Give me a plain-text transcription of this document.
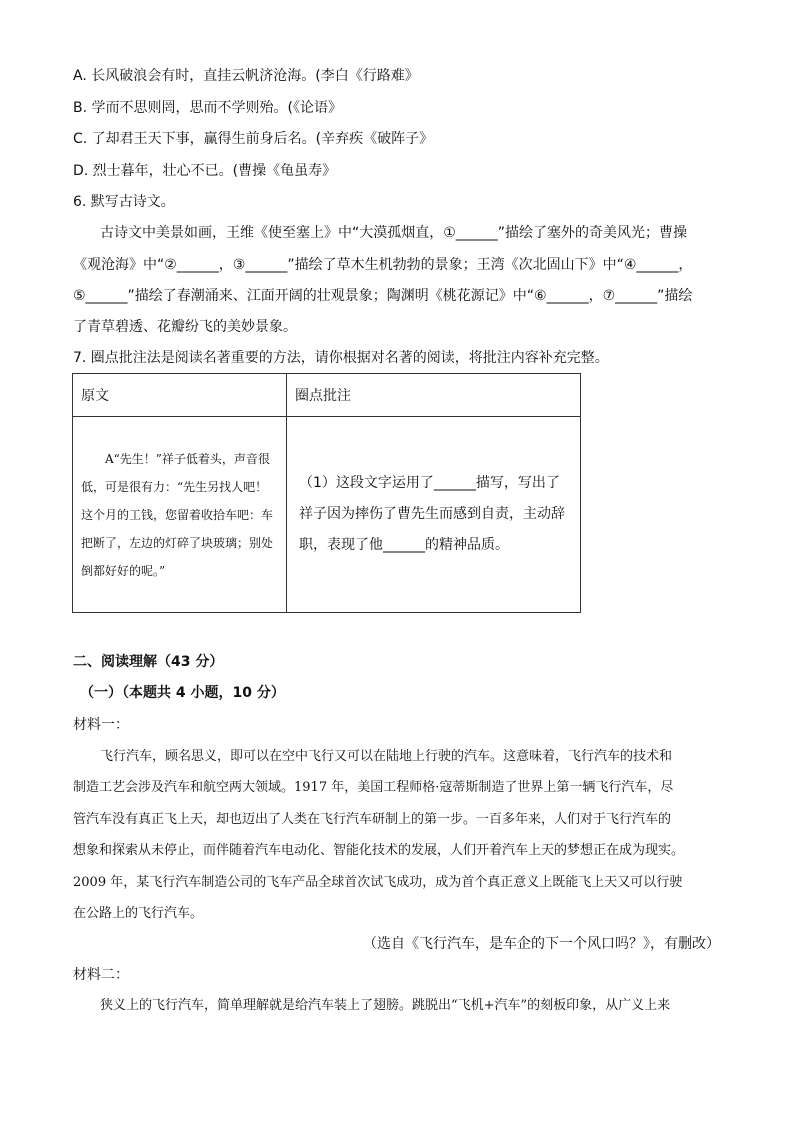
A. 长风破浪会有时，直挂云帆济沧海。(李白《行路难》
B. 学而不思则罔，思而不学则殆。(《论语》
C. 了却君王天下事，赢得生前身后名。(辛弃疾《破阵子》
D. 烈士暮年，壮心不已。(曹操《龟虽寿》
6. 默写古诗文。
古诗文中美景如画，王维《使至塞上》中“大漠孤烟直，①______”描绘了塞外的奇美风光；曹操
《观沧海》中“②______，③______”描绘了草木生机勃勃的景象；王湾《次北固山下》中“④______，
⑤______”描绘了春潮涌来、江面开阔的壮观景象；陶渊明《桃花源记》中“⑥______，⑦______”描绘
了青草碧透、花瓣纷飞的美妙景象。
7. 圈点批注法是阅读名著重要的方法，请你根据对名著的阅读，将批注内容补充完整。
原文	圈点批注

A“先生！”祥子低着头，声音很低，可是很有力：“先生另找人吧！这个月的工钱，您留着收拾车吧：车把断了，左边的灯碎了块玻璃；别处倒都好好的呢。”	（1）这段文字运用了______描写，写出了祥子因为摔伤了曹先生而感到自责，主动辞职，表现了他______的精神品质。
二、阅读理解（43 分）
（一）（本题共 4 小题，10 分）
材料一：
飞行汽车，顾名思义，即可以在空中飞行又可以在陆地上行驶的汽车。这意味着，飞行汽车的技术和
制造工艺会涉及汽车和航空两大领域。1917 年，美国工程师格·寇蒂斯制造了世界上第一辆飞行汽车，尽
管汽车没有真正飞上天，却也迈出了人类在飞行汽车研制上的第一步。一百多年来，人们对于飞行汽车的
想象和探索从未停止，而伴随着汽车电动化、智能化技术的发展，人们开着汽车上天的梦想正在成为现实。
2009 年，某飞行汽车制造公司的飞车产品全球首次试飞成功，成为首个真正意义上既能飞上天又可以行驶
在公路上的飞行汽车。
（选自《飞行汽车，是车企的下一个风口吗？》，有删改）
材料二：
狭义上的飞行汽车，简单理解就是给汽车装上了翅膀。跳脱出“飞机+汽车”的刻板印象，从广义上来
